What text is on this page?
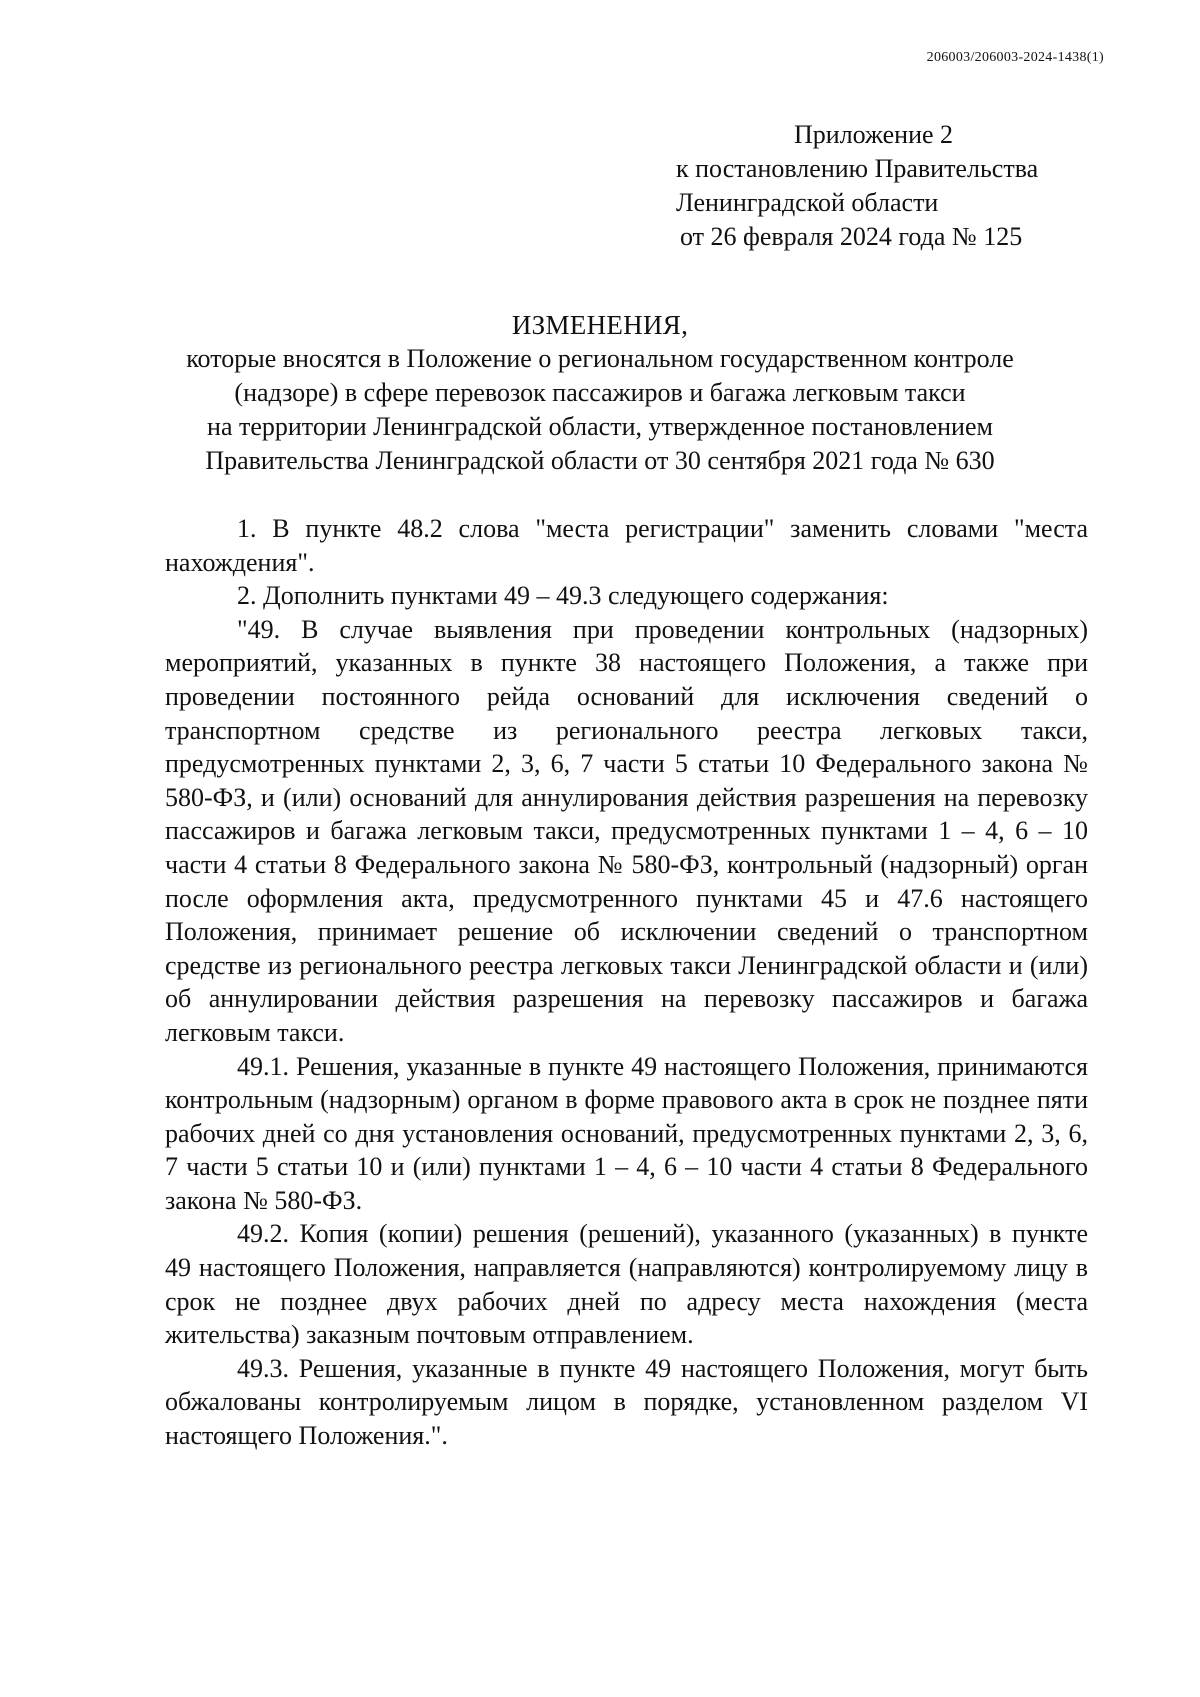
206003/206003-2024-1438(1)
Приложение 2
к постановлению Правительства
Ленинградской области
от 26 февраля 2024 года № 125
ИЗМЕНЕНИЯ,
которые вносятся в Положение о региональном государственном контроле
(надзоре) в сфере перевозок пассажиров и багажа легковым такси
на территории Ленинградской области, утвержденное постановлением
Правительства Ленинградской области от 30 сентября 2021 года № 630

1. В пункте 48.2 слова "места регистрации" заменить словами "места нахождения".

2. Дополнить пунктами 49 – 49.3 следующего содержания:

"49. В случае выявления при проведении контрольных (надзорных) мероприятий, указанных в пункте 38 настоящего Положения, а также при проведении постоянного рейда оснований для исключения сведений о транспортном средстве из регионального реестра легковых такси, предусмотренных пунктами 2, 3, 6, 7 части 5 статьи 10 Федерального закона № 580-ФЗ, и (или) оснований для аннулирования действия разрешения на перевозку пассажиров и багажа легковым такси, предусмотренных пунктами 1 – 4, 6 – 10 части 4 статьи 8 Федерального закона № 580-ФЗ, контрольный (надзорный) орган после оформления акта, предусмотренного пунктами 45 и 47.6 настоящего Положения, принимает решение об исключении сведений о транспортном средстве из регионального реестра легковых такси Ленинградской области и (или) об аннулировании действия разрешения на перевозку пассажиров и багажа легковым такси.

49.1. Решения, указанные в пункте 49 настоящего Положения, принимаются контрольным (надзорным) органом в форме правового акта в срок не позднее пяти рабочих дней со дня установления оснований, предусмотренных пунктами 2, 3, 6, 7 части 5 статьи 10 и (или) пунктами 1 – 4, 6 – 10 части 4 статьи 8 Федерального закона № 580-ФЗ.

49.2. Копия (копии) решения (решений), указанного (указанных) в пункте 49 настоящего Положения, направляется (направляются) контролируемому лицу в срок не позднее двух рабочих дней по адресу места нахождения (места жительства) заказным почтовым отправлением.

49.3. Решения, указанные в пункте 49 настоящего Положения, могут быть обжалованы контролируемым лицом в порядке, установленном разделом VI настоящего Положения.".
